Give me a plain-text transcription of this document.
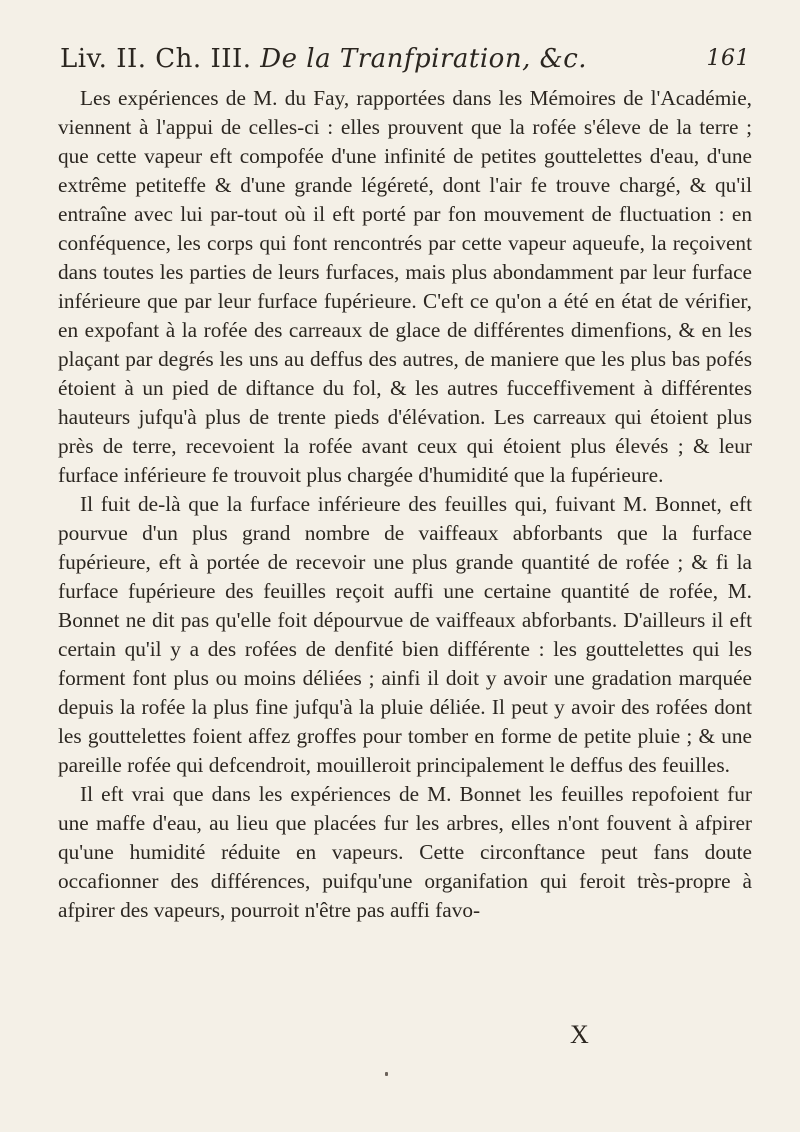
Liv. II. Ch. III. De la Tranfpiration, &c.	161

Les expériences de M. du Fay, rapportées dans les Mémoires de l'Académie, viennent à l'appui de celles-ci : elles prouvent que la rofée s'éleve de la terre ; que cette vapeur eft compofée d'une infinité de petites gouttelettes d'eau, d'une extrême petiteffe & d'une grande légéreté, dont l'air fe trouve chargé, & qu'il entraîne avec lui par-tout où il eft porté par fon mouvement de fluctuation : en conféquence, les corps qui font rencontrés par cette vapeur aqueufe, la reçoivent dans toutes les parties de leurs furfaces, mais plus abondamment par leur furface inférieure que par leur furface fupérieure. C'eft ce qu'on a été en état de vérifier, en expofant à la rofée des carreaux de glace de différentes dimenfions, & en les plaçant par degrés les uns au deffus des autres, de maniere que les plus bas pofés étoient à un pied de diftance du fol, & les autres fucceffivement à différentes hauteurs jufqu'à plus de trente pieds d'élévation. Les carreaux qui étoient plus près de terre, recevoient la rofée avant ceux qui étoient plus élevés ; & leur furface inférieure fe trouvoit plus chargée d'humidité que la fupérieure.

Il fuit de-là que la furface inférieure des feuilles qui, fuivant M. Bonnet, eft pourvue d'un plus grand nombre de vaiffeaux abforbants que la furface fupérieure, eft à portée de recevoir une plus grande quantité de rofée ; & fi la furface fupérieure des feuilles reçoit auffi une certaine quantité de rofée, M. Bonnet ne dit pas qu'elle foit dépourvue de vaiffeaux abforbants. D'ailleurs il eft certain qu'il y a des rofées de denfité bien différente : les gouttelettes qui les forment font plus ou moins déliées ; ainfi il doit y avoir une gradation marquée depuis la rofée la plus fine jufqu'à la pluie déliée. Il peut y avoir des rofées dont les gouttelettes foient affez groffes pour tomber en forme de petite pluie ; & une pareille rofée qui defcendroit, mouilleroit principalement le deffus des feuilles.

Il eft vrai que dans les expériences de M. Bonnet les feuilles repofoient fur une maffe d'eau, au lieu que placées fur les arbres, elles n'ont fouvent à afpirer qu'une humidité réduite en vapeurs. Cette circonftance peut fans doute occafionner des différences, puifqu'une organifation qui feroit très-propre à afpirer des vapeurs, pourroit n'être pas auffi favo-

X
